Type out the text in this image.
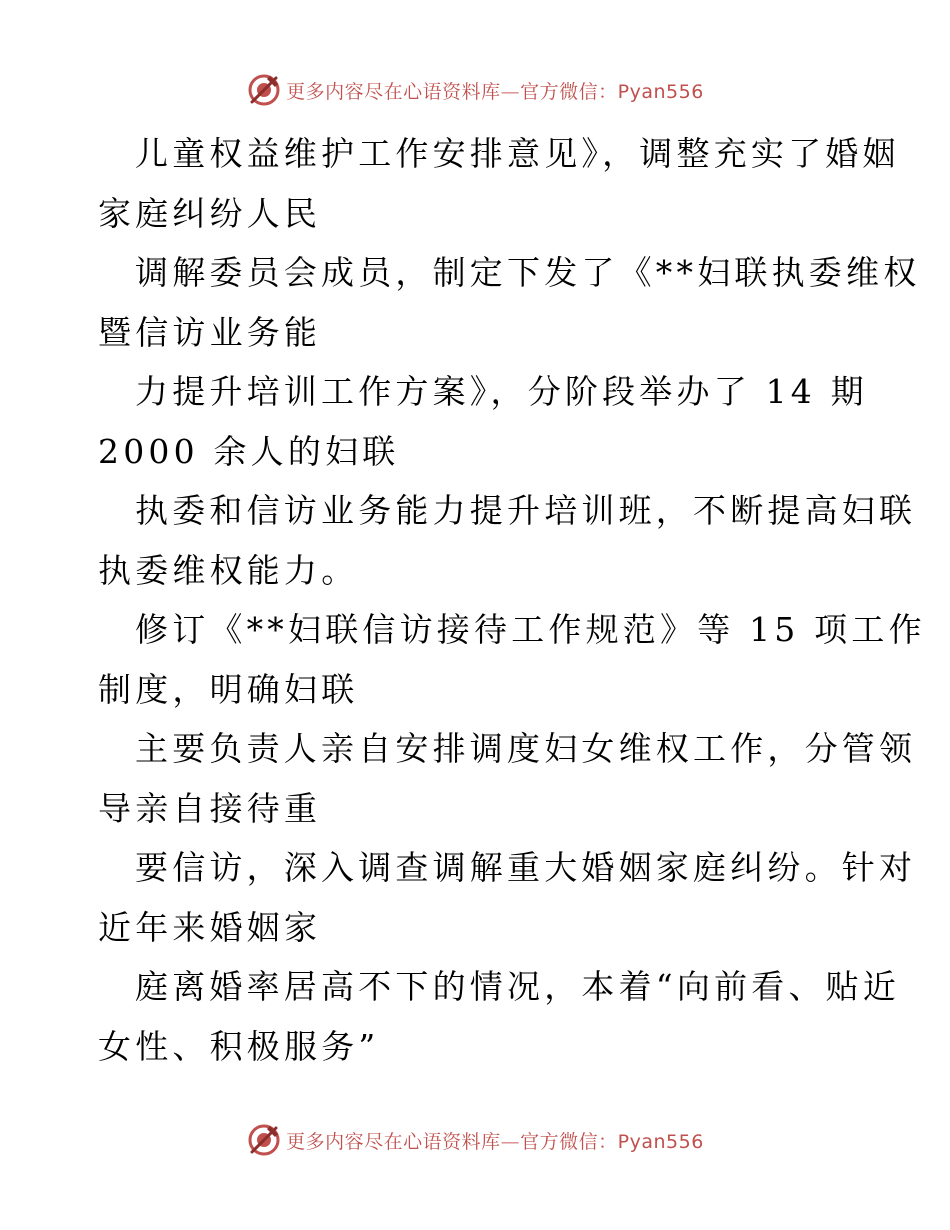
更多内容尽在心语资料库—官方微信：Pyan556
儿童权益维护工作安排意见》，调整充实了婚姻
家庭纠纷人民
调解委员会成员，制定下发了《**妇联执委维权
暨信访业务能
力提升培训工作方案》，分阶段举办了 14 期
2000 余人的妇联
执委和信访业务能力提升培训班，不断提高妇联
执委维权能力。
修订《**妇联信访接待工作规范》等 15 项工作
制度，明确妇联
主要负责人亲自安排调度妇女维权工作，分管领
导亲自接待重
要信访，深入调查调解重大婚姻家庭纠纷。针对
近年来婚姻家
庭离婚率居高不下的情况，本着“向前看、贴近
女性、积极服务”
更多内容尽在心语资料库—官方微信：Pyan556
